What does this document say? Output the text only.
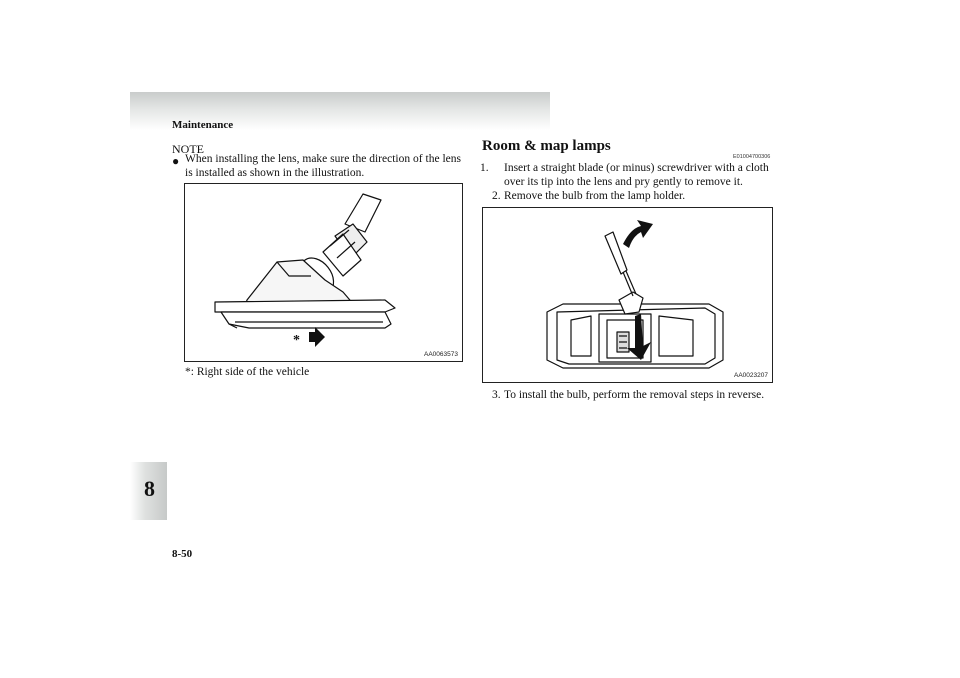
Maintenance
8
8-50
NOTE
● When installing the lens, make sure the direction of the lens is installed as shown in the illustration.
*
AA0063573
*: Right side of the vehicle
Room & map lamps
E01004700306
1. Insert a straight blade (or minus) screwdriver with a cloth over its tip into the lens and pry gently to remove it.
2. Remove the bulb from the lamp holder.
AA0023207
3. To install the bulb, perform the removal steps in reverse.
